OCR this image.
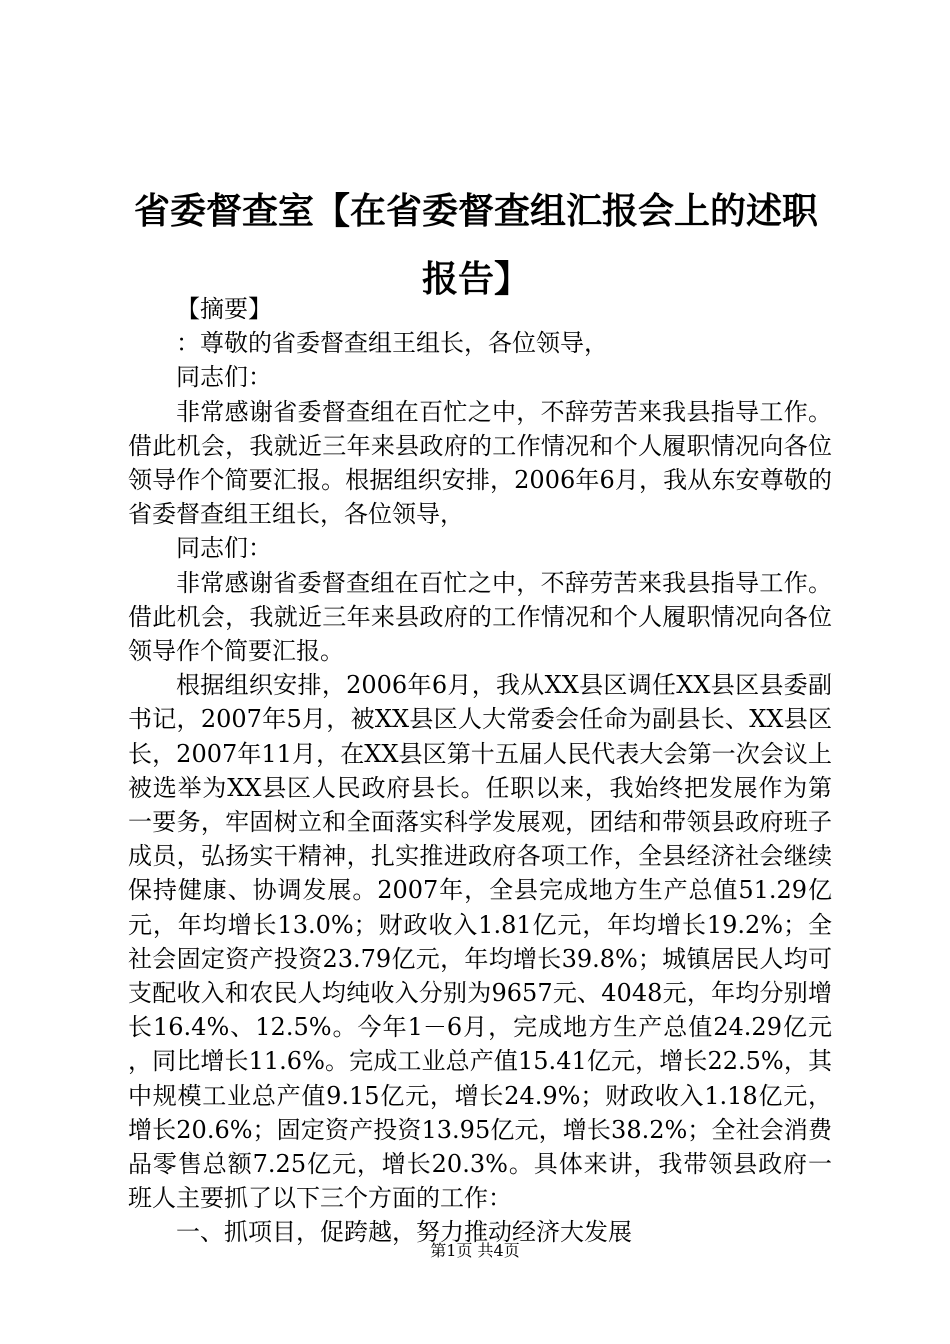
省委督查室【在省委督查组汇报会上的述职报告】

【摘要】

：尊敬的省委督查组王组长，各位领导，

同志们：

非常感谢省委督查组在百忙之中，不辞劳苦来我县指导工作。借此机会，我就近三年来县政府的工作情况和个人履职情况向各位领导作个简要汇报。根据组织安排，2006年6月，我从东安尊敬的省委督查组王组长，各位领导，

同志们：

非常感谢省委督查组在百忙之中，不辞劳苦来我县指导工作。借此机会，我就近三年来县政府的工作情况和个人履职情况向各位领导作个简要汇报。

根据组织安排，2006年6月，我从XX县区调任XX县区县委副书记，2007年5月，被XX县区人大常委会任命为副县长、XX县区长，2007年11月，在XX县区第十五届人民代表大会第一次会议上被选举为XX县区人民政府县长。任职以来，我始终把发展作为第一要务，牢固树立和全面落实科学发展观，团结和带领县政府班子成员，弘扬实干精神，扎实推进政府各项工作，全县经济社会继续保持健康、协调发展。2007年，全县完成地方生产总值51.29亿元，年均增长13.0%；财政收入1.81亿元，年均增长19.2%；全社会固定资产投资23.79亿元，年均增长39.8%；城镇居民人均可支配收入和农民人均纯收入分别为9657元、4048元，年均分别增长16.4%、12.5%。今年1－6月，完成地方生产总值24.29亿元，同比增长11.6%。完成工业总产值15.41亿元，增长22.5%，其中规模工业总产值9.15亿元，增长24.9%；财政收入1.18亿元，增长20.6%；固定资产投资13.95亿元，增长38.2%；全社会消费品零售总额7.25亿元，增长20.3%。具体来讲，我带领县政府一班人主要抓了以下三个方面的工作：

一、抓项目，促跨越，努力推动经济大发展

第1页 共4页
